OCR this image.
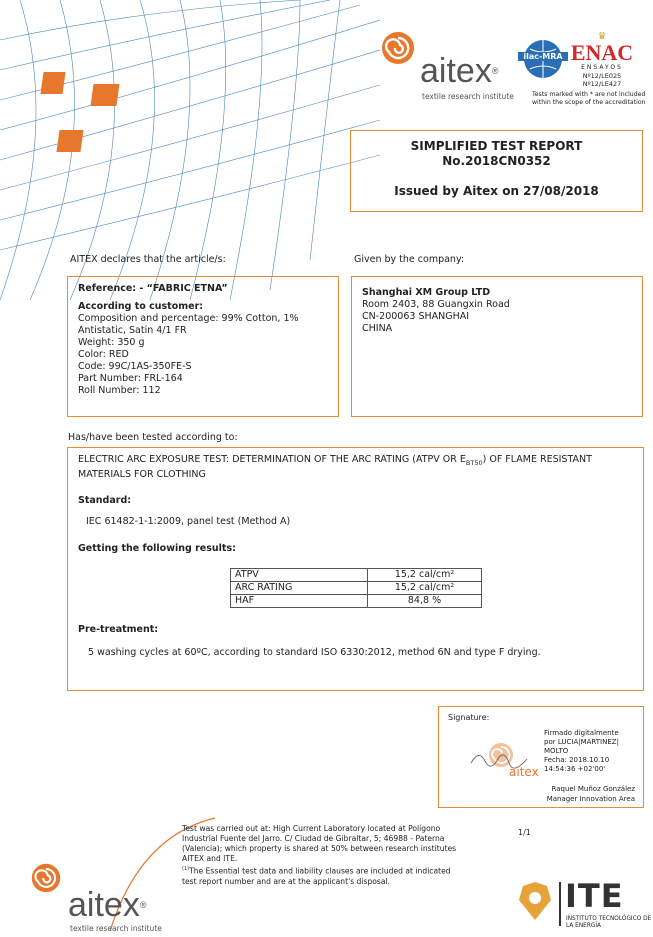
aitex®
textile research institute
ilac-MRA
♛
ENAC
ENSAYOS
Nº12/LE025
Nº12/LE427
Tests marked with * are not included
within the scope of the accreditation
SIMPLIFIED TEST REPORT
No.2018CN0352
Issued by Aitex on 27/08/2018
AITEX declares that the article/s:	Given by the company:
Reference: - “FABRIC ETNA”
According to customer:
Composition and percentage: 99% Cotton, 1%
Antistatic, Satin 4/1 FR
Weight: 350 g
Color: RED
Code: 99C/1AS-350FE-S
Part Number: FRL-164
Roll Number: 112
Shanghai XM Group LTD
Room 2403, 88 Guangxin Road
CN-200063 SHANGHAI
CHINA
Has/have been tested according to:
ELECTRIC ARC EXPOSURE TEST: DETERMINATION OF THE ARC RATING (ATPV OR $E_{BT50}$) OF FLAME RESISTANT
MATERIALS FOR CLOTHING
Standard:
IEC 61482-1-1:2009, panel test (Method A)
Getting the following results:
ATPV	15,2 cal/cm²
ARC RATING	15,2 cal/cm²
HAF	84,8 %
Pre-treatment:
5 washing cycles at 60ºC, according to standard ISO 6330:2012, method 6N and type F drying.
Signature:
aitex
Firmado digitalmente
por LUCIA|MARTINEZ|
MOLTO
Fecha: 2018.10.10
14:54:36 +02'00'
Raquel Muñoz González
Manager Innovation Area
Test was carried out at: High Current Laboratory located at Polígono
Industrial Fuente del Jarro. C/ Ciudad de Gibraltar, 5; 46988 - Paterna
(Valencia); which property is shared at 50% between research institutes
AITEX and ITE.
$^{(1)}$The Essential test data and liability clauses are included at indicated
test report number and are at the applicant's disposal.
1/1
aitex®
textile research institute
ITE
INSTITUTO TECNOLÓGICO DE
LA ENERGÍA
